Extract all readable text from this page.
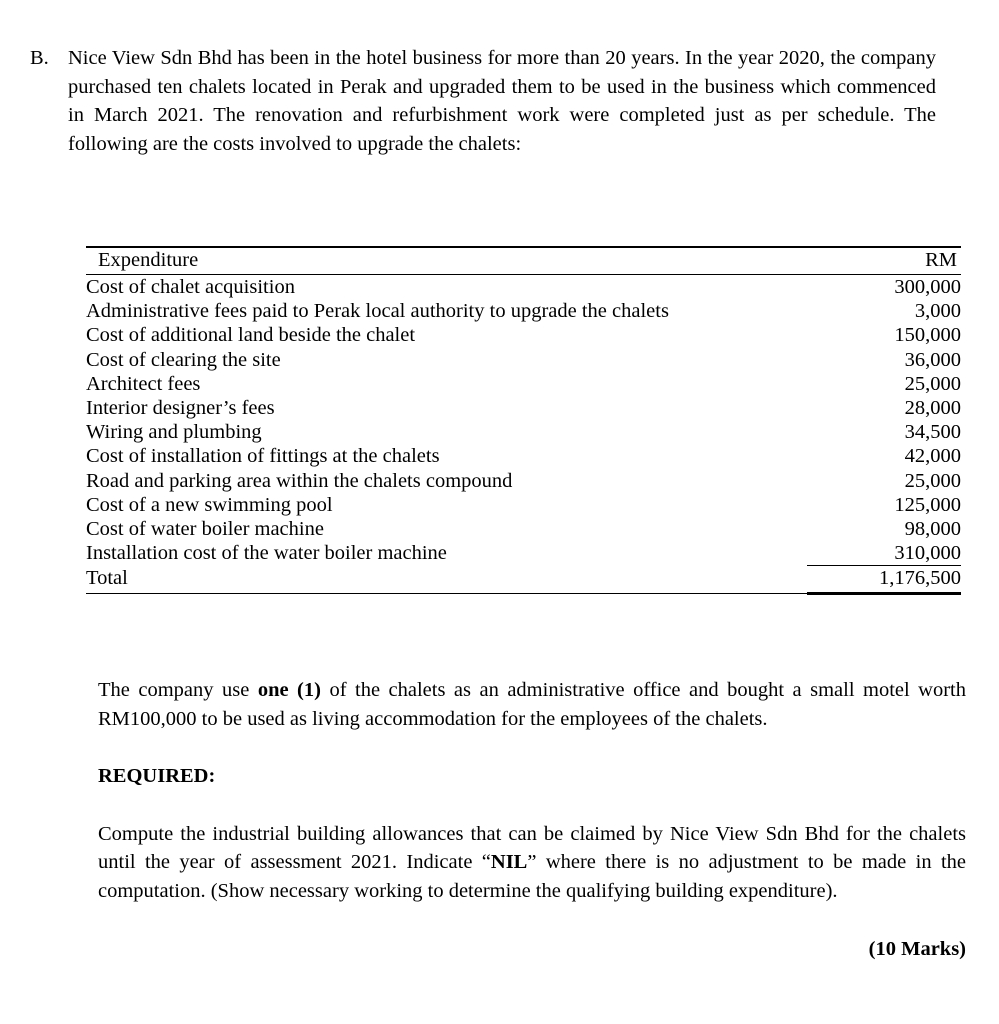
B. Nice View Sdn Bhd has been in the hotel business for more than 20 years. In the year 2020, the company purchased ten chalets located in Perak and upgraded them to be used in the business which commenced in March 2021. The renovation and refurbishment work were completed just as per schedule. The following are the costs involved to upgrade the chalets:

Expenditure	RM
Cost of chalet acquisition	300,000
Administrative fees paid to Perak local authority to upgrade the chalets	3,000
Cost of additional land beside the chalet	150,000
Cost of clearing the site	36,000
Architect fees	25,000
Interior designer’s fees	28,000
Wiring and plumbing	34,500
Cost of installation of fittings at the chalets	42,000
Road and parking area within the chalets compound	25,000
Cost of a new swimming pool	125,000
Cost of water boiler machine	98,000
Installation cost of the water boiler machine	310,000
Total	1,176,500

The company use one (1) of the chalets as an administrative office and bought a small motel worth RM100,000 to be used as living accommodation for the employees of the chalets.

REQUIRED:

Compute the industrial building allowances that can be claimed by Nice View Sdn Bhd for the chalets until the year of assessment 2021. Indicate “NIL” where there is no adjustment to be made in the computation. (Show necessary working to determine the qualifying building expenditure).

(10 Marks)
